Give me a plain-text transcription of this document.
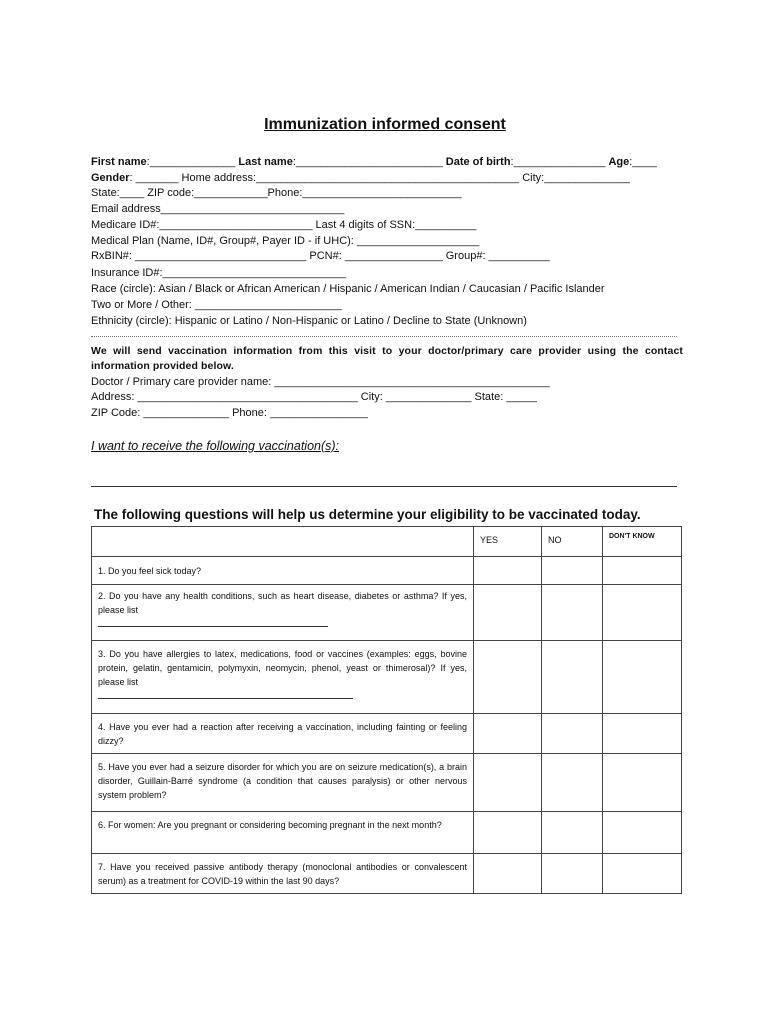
Immunization informed consent
First name:______________ Last name:________________________ Date of birth:_______________ Age:____
Gender: _______ Home address:___________________________________________ City:______________
State:____ ZIP code:____________Phone:__________________________
Email address______________________________
Medicare ID#:_________________________ Last 4 digits of SSN:__________
Medical Plan (Name, ID#, Group#, Payer ID - if UHC): ____________________
RxBIN#: ____________________________ PCN#: ________________ Group#: __________
Insurance ID#:______________________________
Race (circle): Asian / Black or African American / Hispanic / American Indian / Caucasian / Pacific Islander
Two or More / Other: ________________________
Ethnicity (circle): Hispanic or Latino / Non-Hispanic or Latino / Decline to State (Unknown)
We will send vaccination information from this visit to your doctor/primary care provider using the contact information provided below.
Doctor / Primary care provider name: _____________________________________________
Address: ____________________________________ City: ______________ State: _____
ZIP Code: ______________ Phone: ________________
I want to receive the following vaccination(s):
The following questions will help us determine your eligibility to be vaccinated today.
	YES	NO	DON'T KNOW
1. Do you feel sick today?			
2. Do you have any health conditions, such as heart disease, diabetes or asthma? If yes, please list

3. Do you have allergies to latex, medications, food or vaccines (examples: eggs, bovine protein, gelatin, gentamicin, polymyxin, neomycin, phenol, yeast or thimerosal)? If yes, please list

4. Have you ever had a reaction after receiving a vaccination, including fainting or feeling dizzy?			
5. Have you ever had a seizure disorder for which you are on seizure medication(s), a brain disorder, Guillain-Barré syndrome (a condition that causes paralysis) or other nervous system problem?			
6. For women: Are you pregnant or considering becoming pregnant in the next month?			
7. Have you received passive antibody therapy (monoclonal antibodies or convalescent serum) as a treatment for COVID-19 within the last 90 days?			
